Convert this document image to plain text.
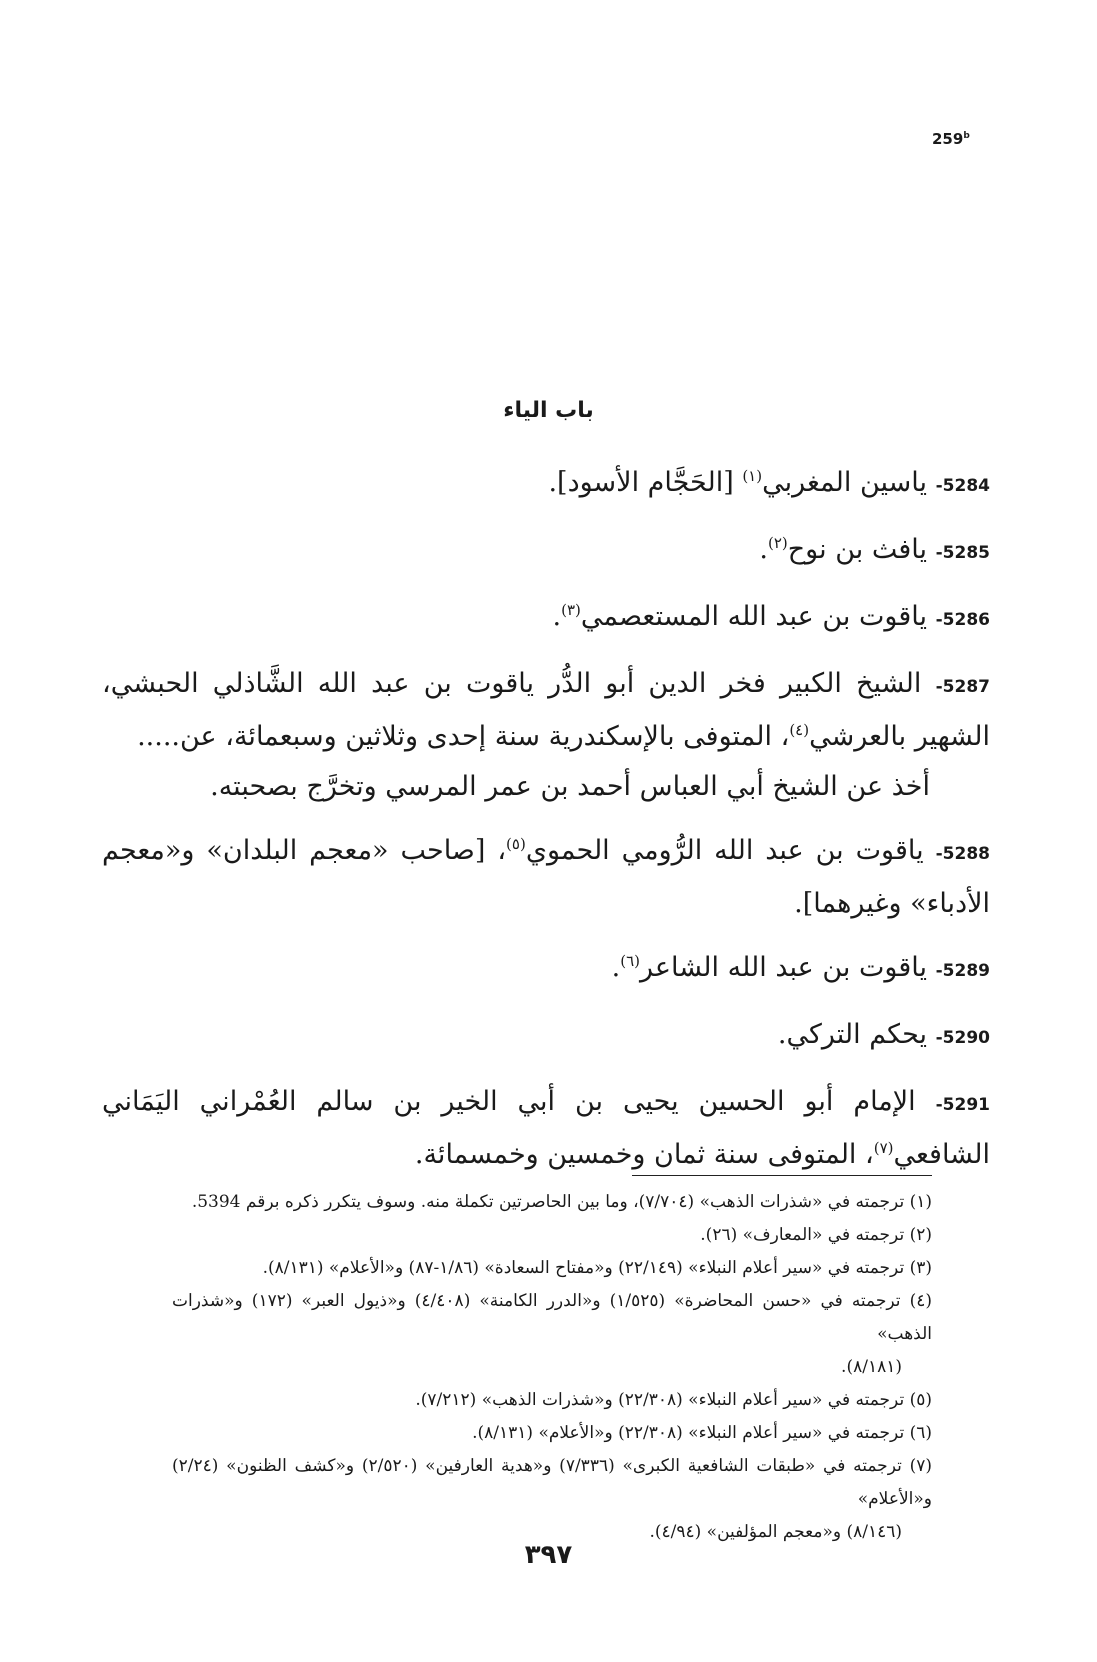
259$^b$
باب الياء

5284- ياسين المغربي$^{(١)}$ [الحَجَّام الأسود].

5285- يافث بن نوح$^{(٢)}$.

5286- ياقوت بن عبد الله المستعصمي$^{(٣)}$.

5287- الشيخ الكبير فخر الدين أبو الدُّر ياقوت بن عبد الله الشَّاذلي الحبشي، الشهير بالعرشي$^{(٤)}$، المتوفى بالإسكندرية سنة إحدى وثلاثين وسبعمائة، عن.....
أخذ عن الشيخ أبي العباس أحمد بن عمر المرسي وتخرَّج بصحبته.

5288- ياقوت بن عبد الله الرُّومي الحموي$^{(٥)}$، [صاحب «معجم البلدان» و«معجم الأدباء» وغيرهما].

5289- ياقوت بن عبد الله الشاعر$^{(٦)}$.

5290- يحكم التركي.

5291- الإمام أبو الحسين يحيى بن أبي الخير بن سالم العُمْراني اليَمَاني الشافعي$^{(٧)}$، المتوفى سنة ثمان وخمسين وخمسمائة.

(١) ترجمته في «شذرات الذهب» (٧/٧٠٤)، وما بين الحاصرتين تكملة منه. وسوف يتكرر ذكره برقم 5394.

(٢) ترجمته في «المعارف» (٢٦).

(٣) ترجمته في «سير أعلام النبلاء» (٢٢/١٤٩) و«مفتاح السعادة» (١/٨٦-٨٧) و«الأعلام» (٨/١٣١).

(٤) ترجمته في «حسن المحاضرة» (١/٥٢٥) و«الدرر الكامنة» (٤/٤٠٨) و«ذيول العبر» (١٧٢) و«شذرات الذهب»
(٨/١٨١).

(٥) ترجمته في «سير أعلام النبلاء» (٢٢/٣٠٨) و«شذرات الذهب» (٧/٢١٢).

(٦) ترجمته في «سير أعلام النبلاء» (٢٢/٣٠٨) و«الأعلام» (٨/١٣١).

(٧) ترجمته في «طبقات الشافعية الكبرى» (٧/٣٣٦) و«هدية العارفين» (٢/٥٢٠) و«كشف الظنون» (٢/٢٤) و«الأعلام»
(٨/١٤٦) و«معجم المؤلفين» (٤/٩٤).

٣٩٧
